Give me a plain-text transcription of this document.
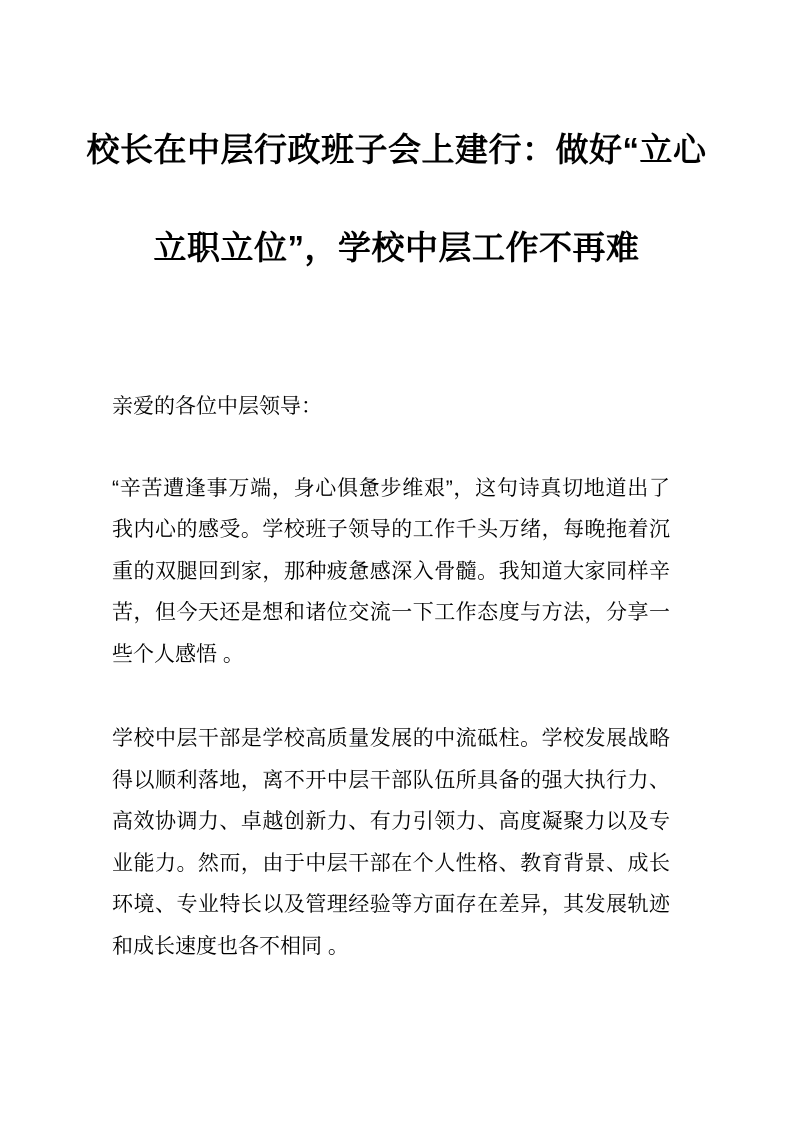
校长在中层行政班子会上建行：做好“立心
立职立位”，学校中层工作不再难

亲爱的各位中层领导：

“辛苦遭逢事万端，身心俱惫步维艰”，这句诗真切地道出了我内心的感受。学校班子领导的工作千头万绪，每晚拖着沉重的双腿回到家，那种疲惫感深入骨髓。我知道大家同样辛苦，但今天还是想和诸位交流一下工作态度与方法，分享一些个人感悟 。

学校中层干部是学校高质量发展的中流砥柱。学校发展战略得以顺利落地，离不开中层干部队伍所具备的强大执行力、高效协调力、卓越创新力、有力引领力、高度凝聚力以及专业能力。然而，由于中层干部在个人性格、教育背景、成长环境、专业特长以及管理经验等方面存在差异，其发展轨迹和成长速度也各不相同 。
